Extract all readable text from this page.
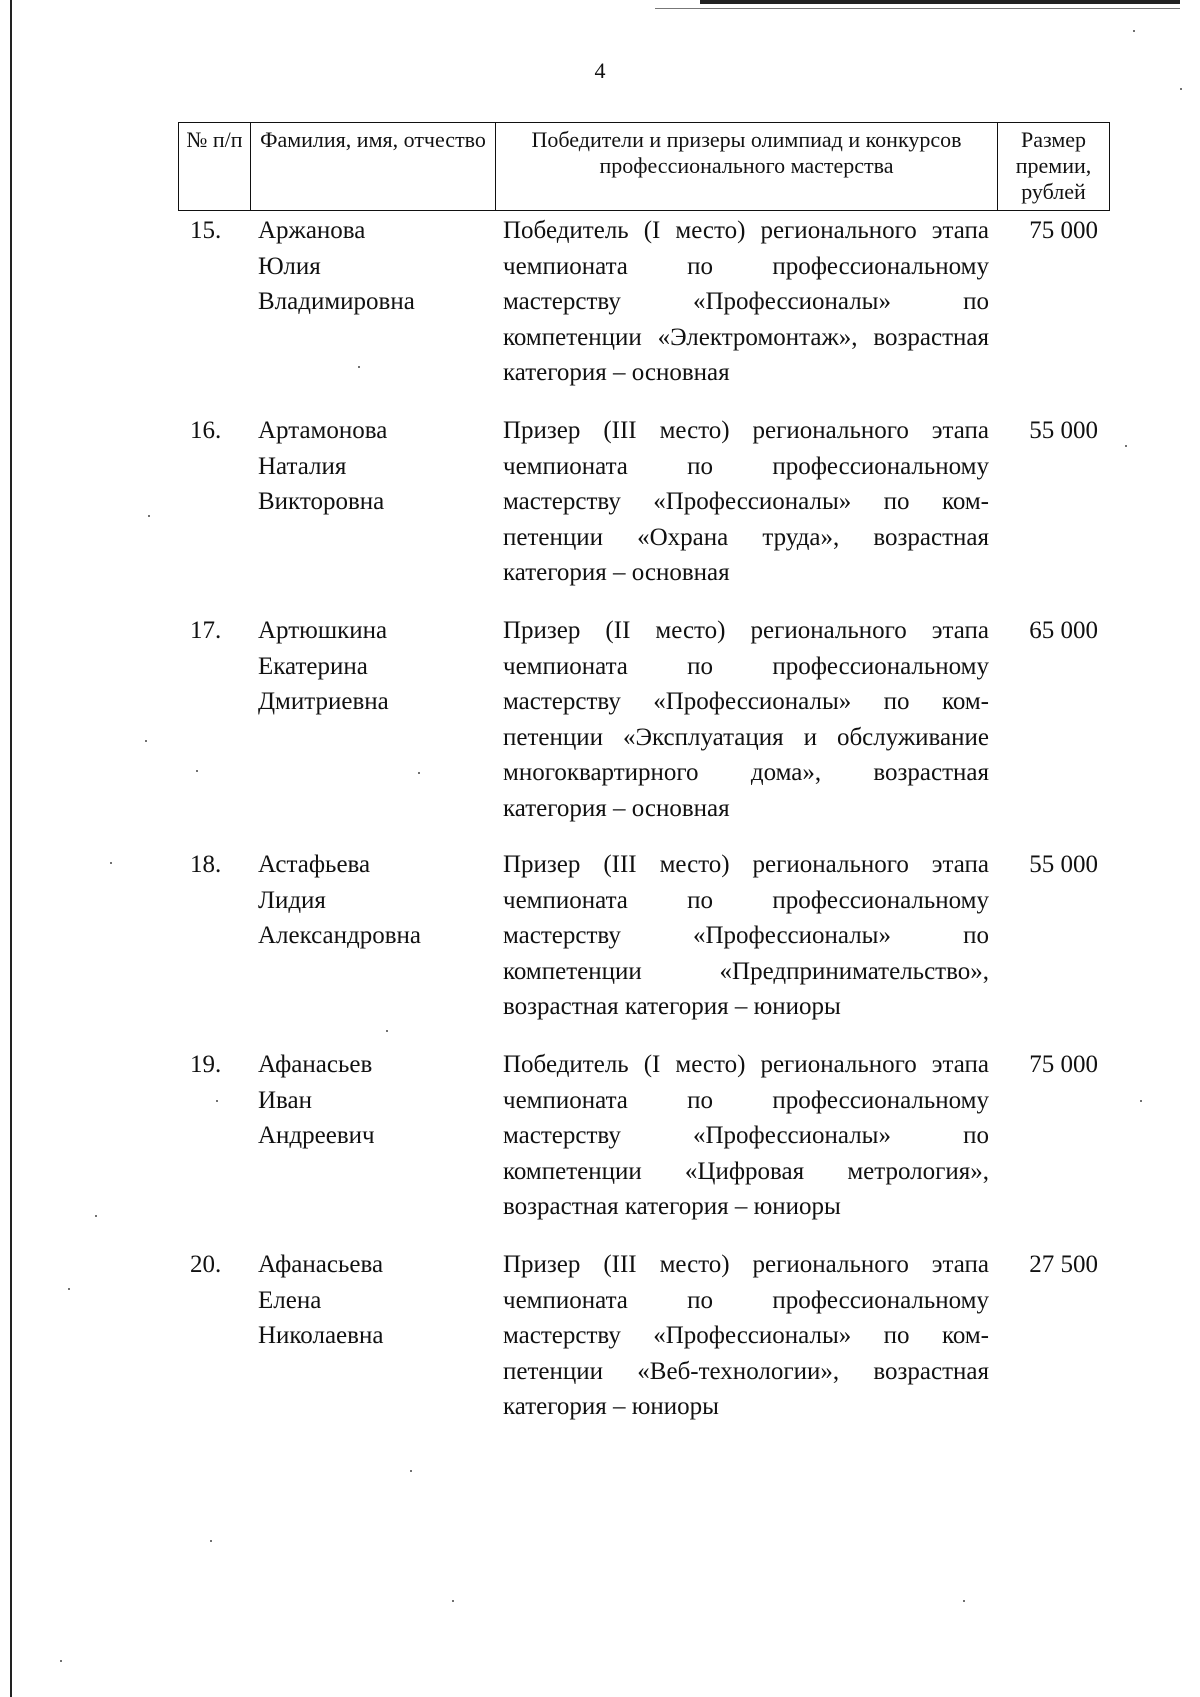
4
№ п/п Фамилия, имя, отчество	Победители и призеры олимпиад и конкурсов профессионального мастерства
Размер премии, рублей
15. Аржанова
Юлия
Владимировна
Победитель (I место) регионального этапа чемпионата по профессиональному мастерству «Профессионалы» по компетенции «Электромонтаж», возрастная категория – основная
75 000
16. Артамонова
Наталия
Викторовна
Призер (III место) регионального этапа чемпионата по профессиональному мастерству «Профессионалы» по компетенции «Охрана труда», возрастная категория – основная
55 000
17. Артюшкина
Екатерина
Дмитриевна
Призер (II место) регионального этапа чемпионата по профессиональному мастерству «Профессионалы» по компетенции «Эксплуатация и обслуживание многоквартирного дома», возрастная категория – основная
65 000
18. Астафьева
Лидия
Александровна
Призер (III место) регионального этапа чемпионата по профессиональному мастерству «Профессионалы» по компетенции «Предпринимательство», возрастная категория – юниоры
55 000
19. Афанасьев
Иван
Андреевич
Победитель (I место) регионального этапа чемпионата по профессиональному мастерству «Профессионалы» по компетенции «Цифровая метрология», возрастная категория – юниоры
75 000
20. Афанасьева
Елена
Николаевна
Призер (III место) регионального этапа чемпионата по профессиональному мастерству «Профессионалы» по компетенции «Веб-технологии», возрастная категория – юниоры
27 500
